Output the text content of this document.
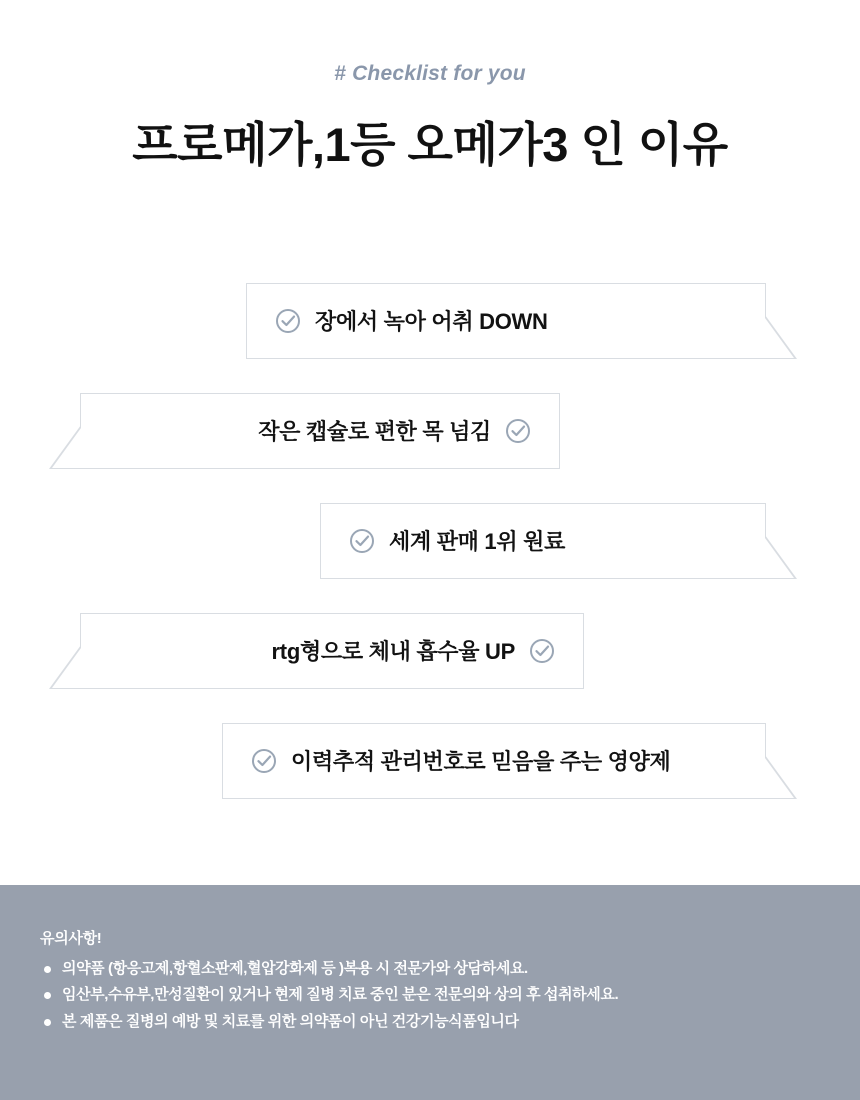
# Checklist for you
프로메가,1등 오메가3 인 이유
장에서 녹아 어취 DOWN
작은 캡슐로 편한 목 넘김
세계 판매 1위 원료
rtg형으로 체내 흡수율 UP
이력추적 관리번호로 믿음을 주는 영양제
유의사항!
의약품 (항응고제,항혈소판제,혈압강화제 등 )복용 시 전문가와 상담하세요.
임산부,수유부,만성질환이 있거나 현제 질병 치료 중인 분은 전문의와 상의 후 섭취하세요.
본 제품은 질병의 예방 및 치료를 위한 의약품이 아닌 건강기능식품입니다
